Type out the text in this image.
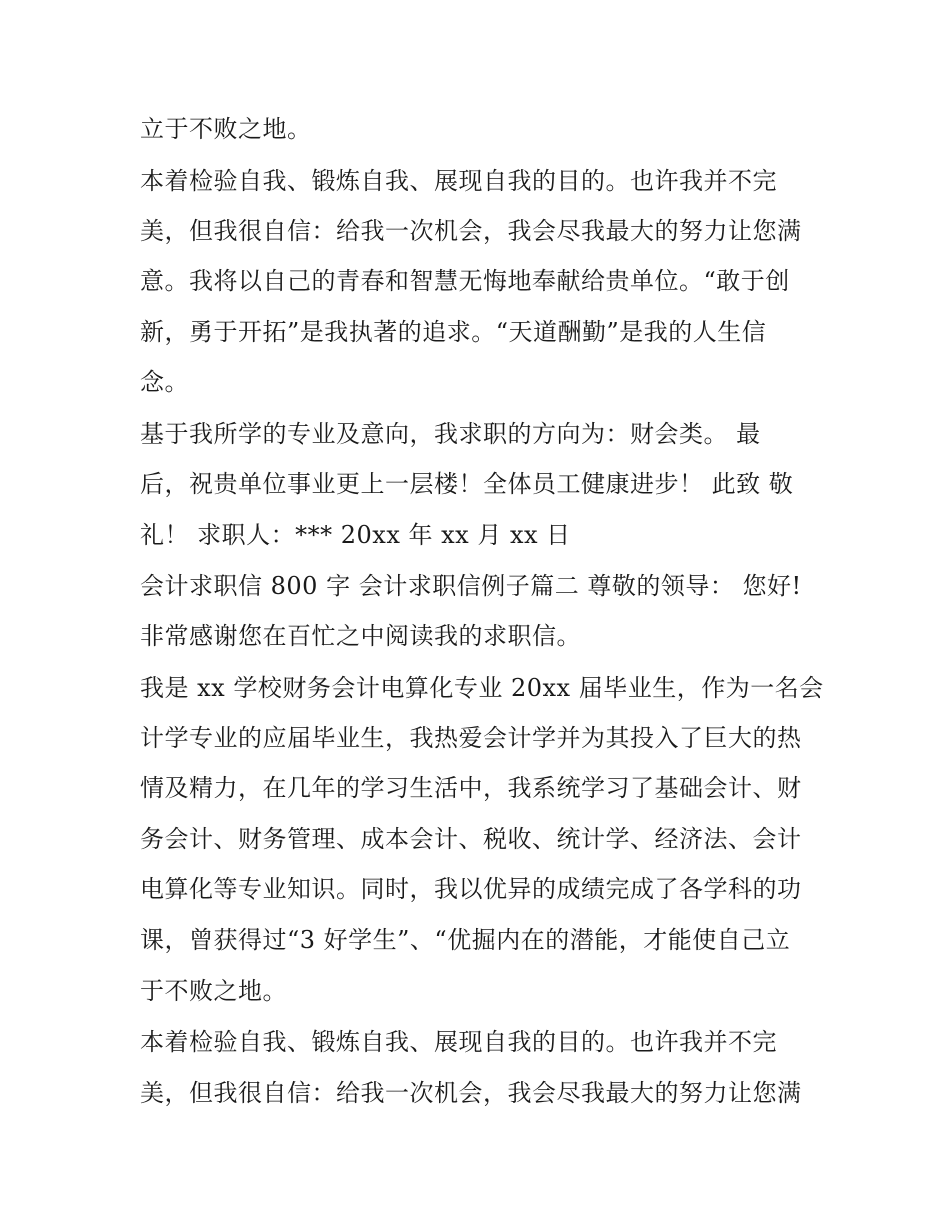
立于不败之地。

本着检验自我、锻炼自我、展现自我的目的。也许我并不完

美，但我很自信：给我一次机会，我会尽我最大的努力让您满

意。我将以自己的青春和智慧无悔地奉献给贵单位。“敢于创

新，勇于开拓”是我执著的追求。“天道酬勤”是我的人生信

念。

基于我所学的专业及意向，我求职的方向为：财会类。 最

后，祝贵单位事业更上一层楼！全体员工健康进步！ 此致 敬

礼！ 求职人：*** 20xx 年 xx 月 xx 日

会计求职信 800 字 会计求职信例子篇二 尊敬的领导： 您好!

非常感谢您在百忙之中阅读我的求职信。

我是 xx 学校财务会计电算化专业 20xx 届毕业生，作为一名会

计学专业的应届毕业生，我热爱会计学并为其投入了巨大的热

情及精力，在几年的学习生活中，我系统学习了基础会计、财

务会计、财务管理、成本会计、税收、统计学、经济法、会计

电算化等专业知识。同时，我以优异的成绩完成了各学科的功

课，曾获得过“3 好学生”、“优掘内在的潜能，才能使自己立

于不败之地。

本着检验自我、锻炼自我、展现自我的目的。也许我并不完

美，但我很自信：给我一次机会，我会尽我最大的努力让您满
